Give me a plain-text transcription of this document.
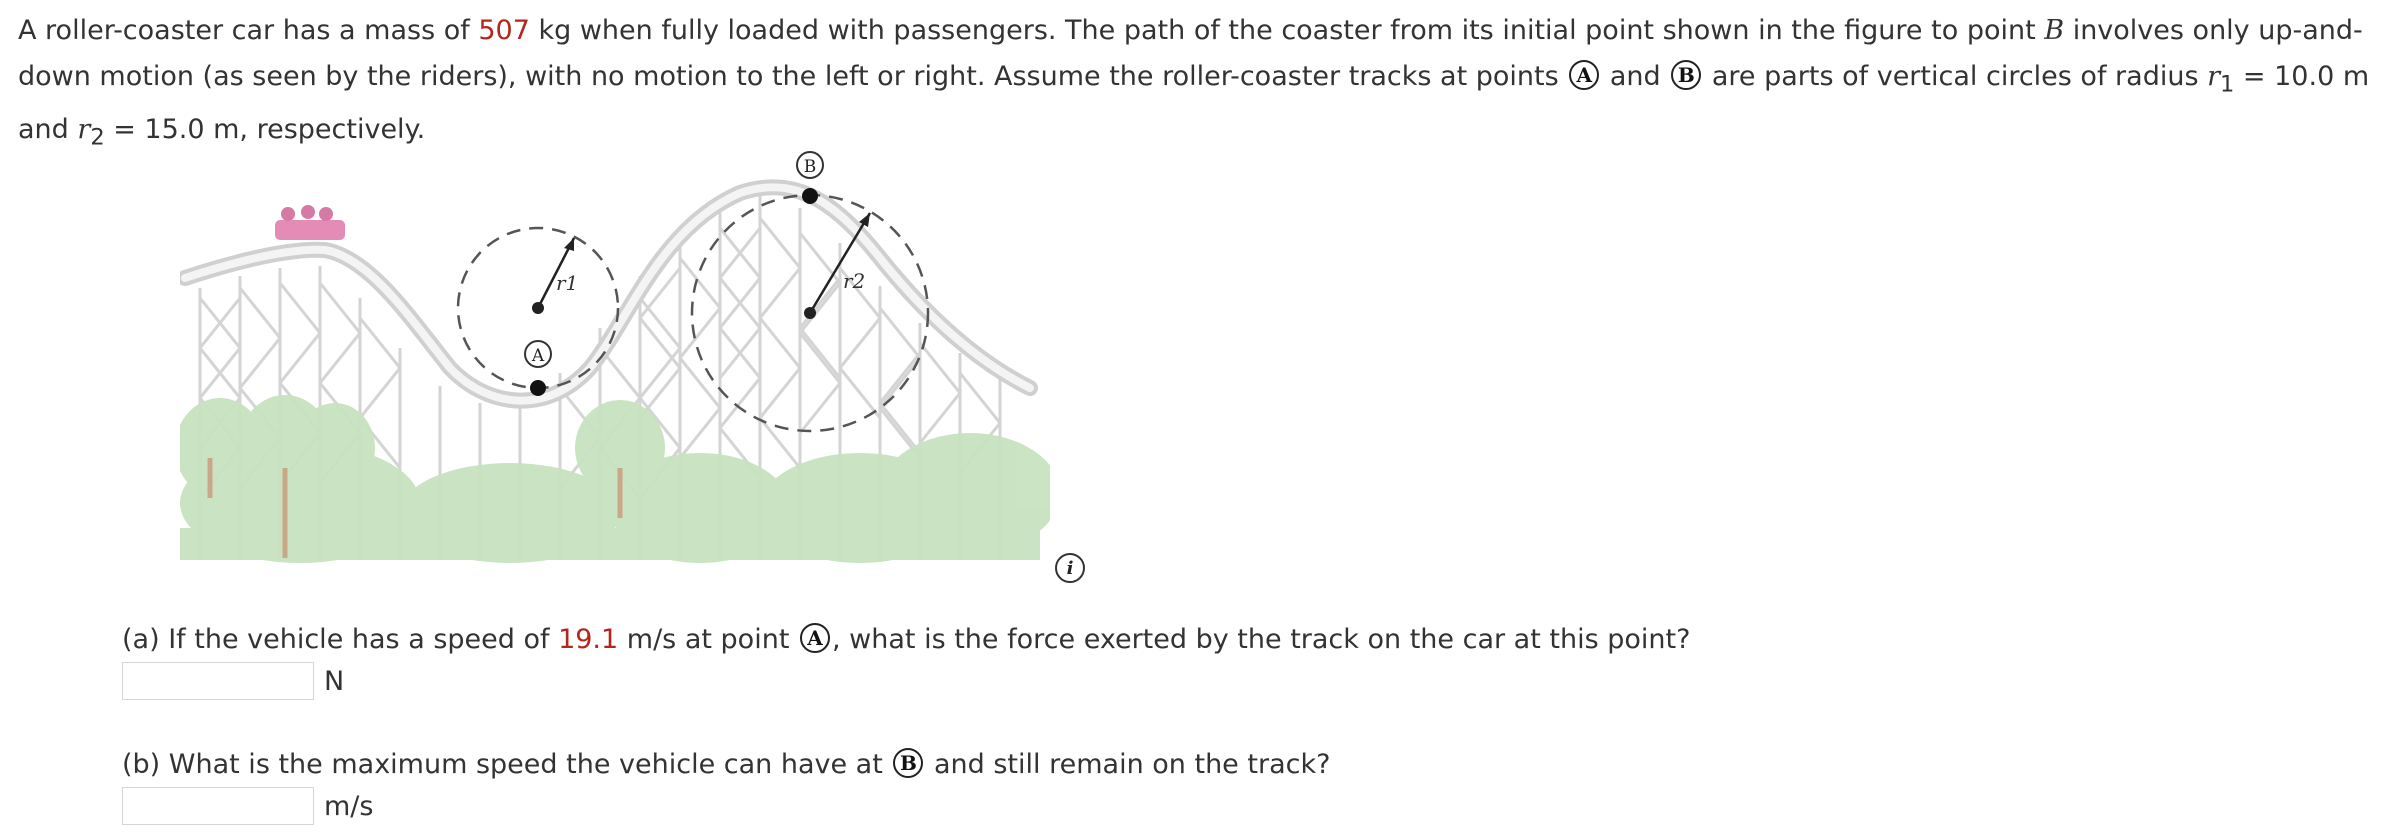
A roller-coaster car has a mass of 507 kg when fully loaded with passengers. The path of the coaster from its initial point shown in the figure to point B involves only up-and-down motion (as seen by the riders), with no motion to the left or right. Assume the roller-coaster tracks at points A and B are parts of vertical circles of radius $r_1 = 10.0$ m and $r_2 = 15.0$ m, respectively.
r1
A
r2
B
i
(a) If the vehicle has a speed of 19.1 m/s at point A , what is the force exerted by the track on the car at this point?
N
(b) What is the maximum speed the vehicle can have at B and still remain on the track?
m/s
